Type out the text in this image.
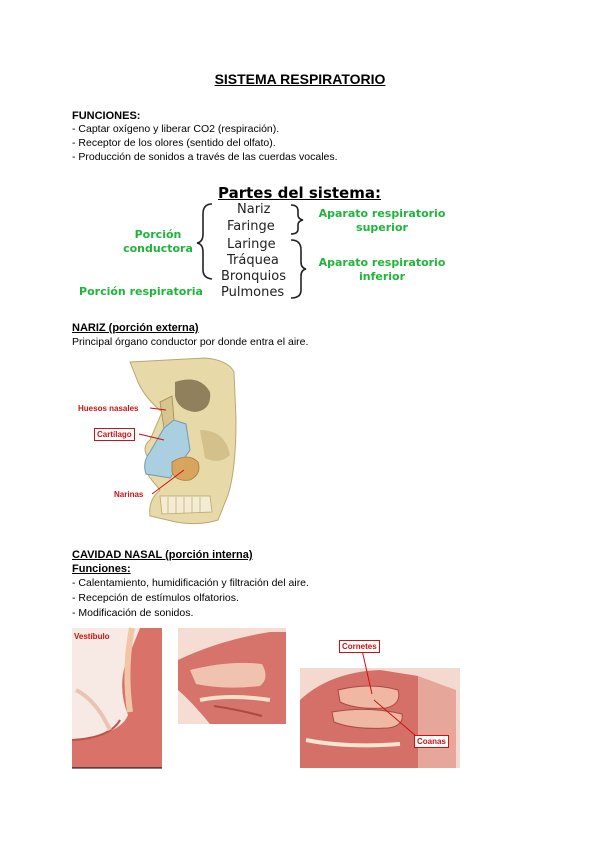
SISTEMA RESPIRATORIO
FUNCIONES:
- Captar oxígeno y liberar CO2 (respiración).
- Receptor de los olores (sentido del olfato).
- Producción de sonidos a través de las cuerdas vocales.
Partes del sistema:
Nariz
Faringe
Laringe
Tráquea
Bronquios
Pulmones
Porción
conductora
Porción respiratoria
Aparato respiratorio
superior
Aparato respiratorio
inferior
NARIZ (porción externa)
Principal órgano conductor por donde entra el aire.
Huesos nasales
Cartílago
Narinas
CAVIDAD NASAL (porción interna)
Funciones:
- Calentamiento, humidificación y filtración del aire.
- Recepción de estímulos olfatorios.
- Modificación de sonidos.
Vestíbulo
Cornetes
Coanas
